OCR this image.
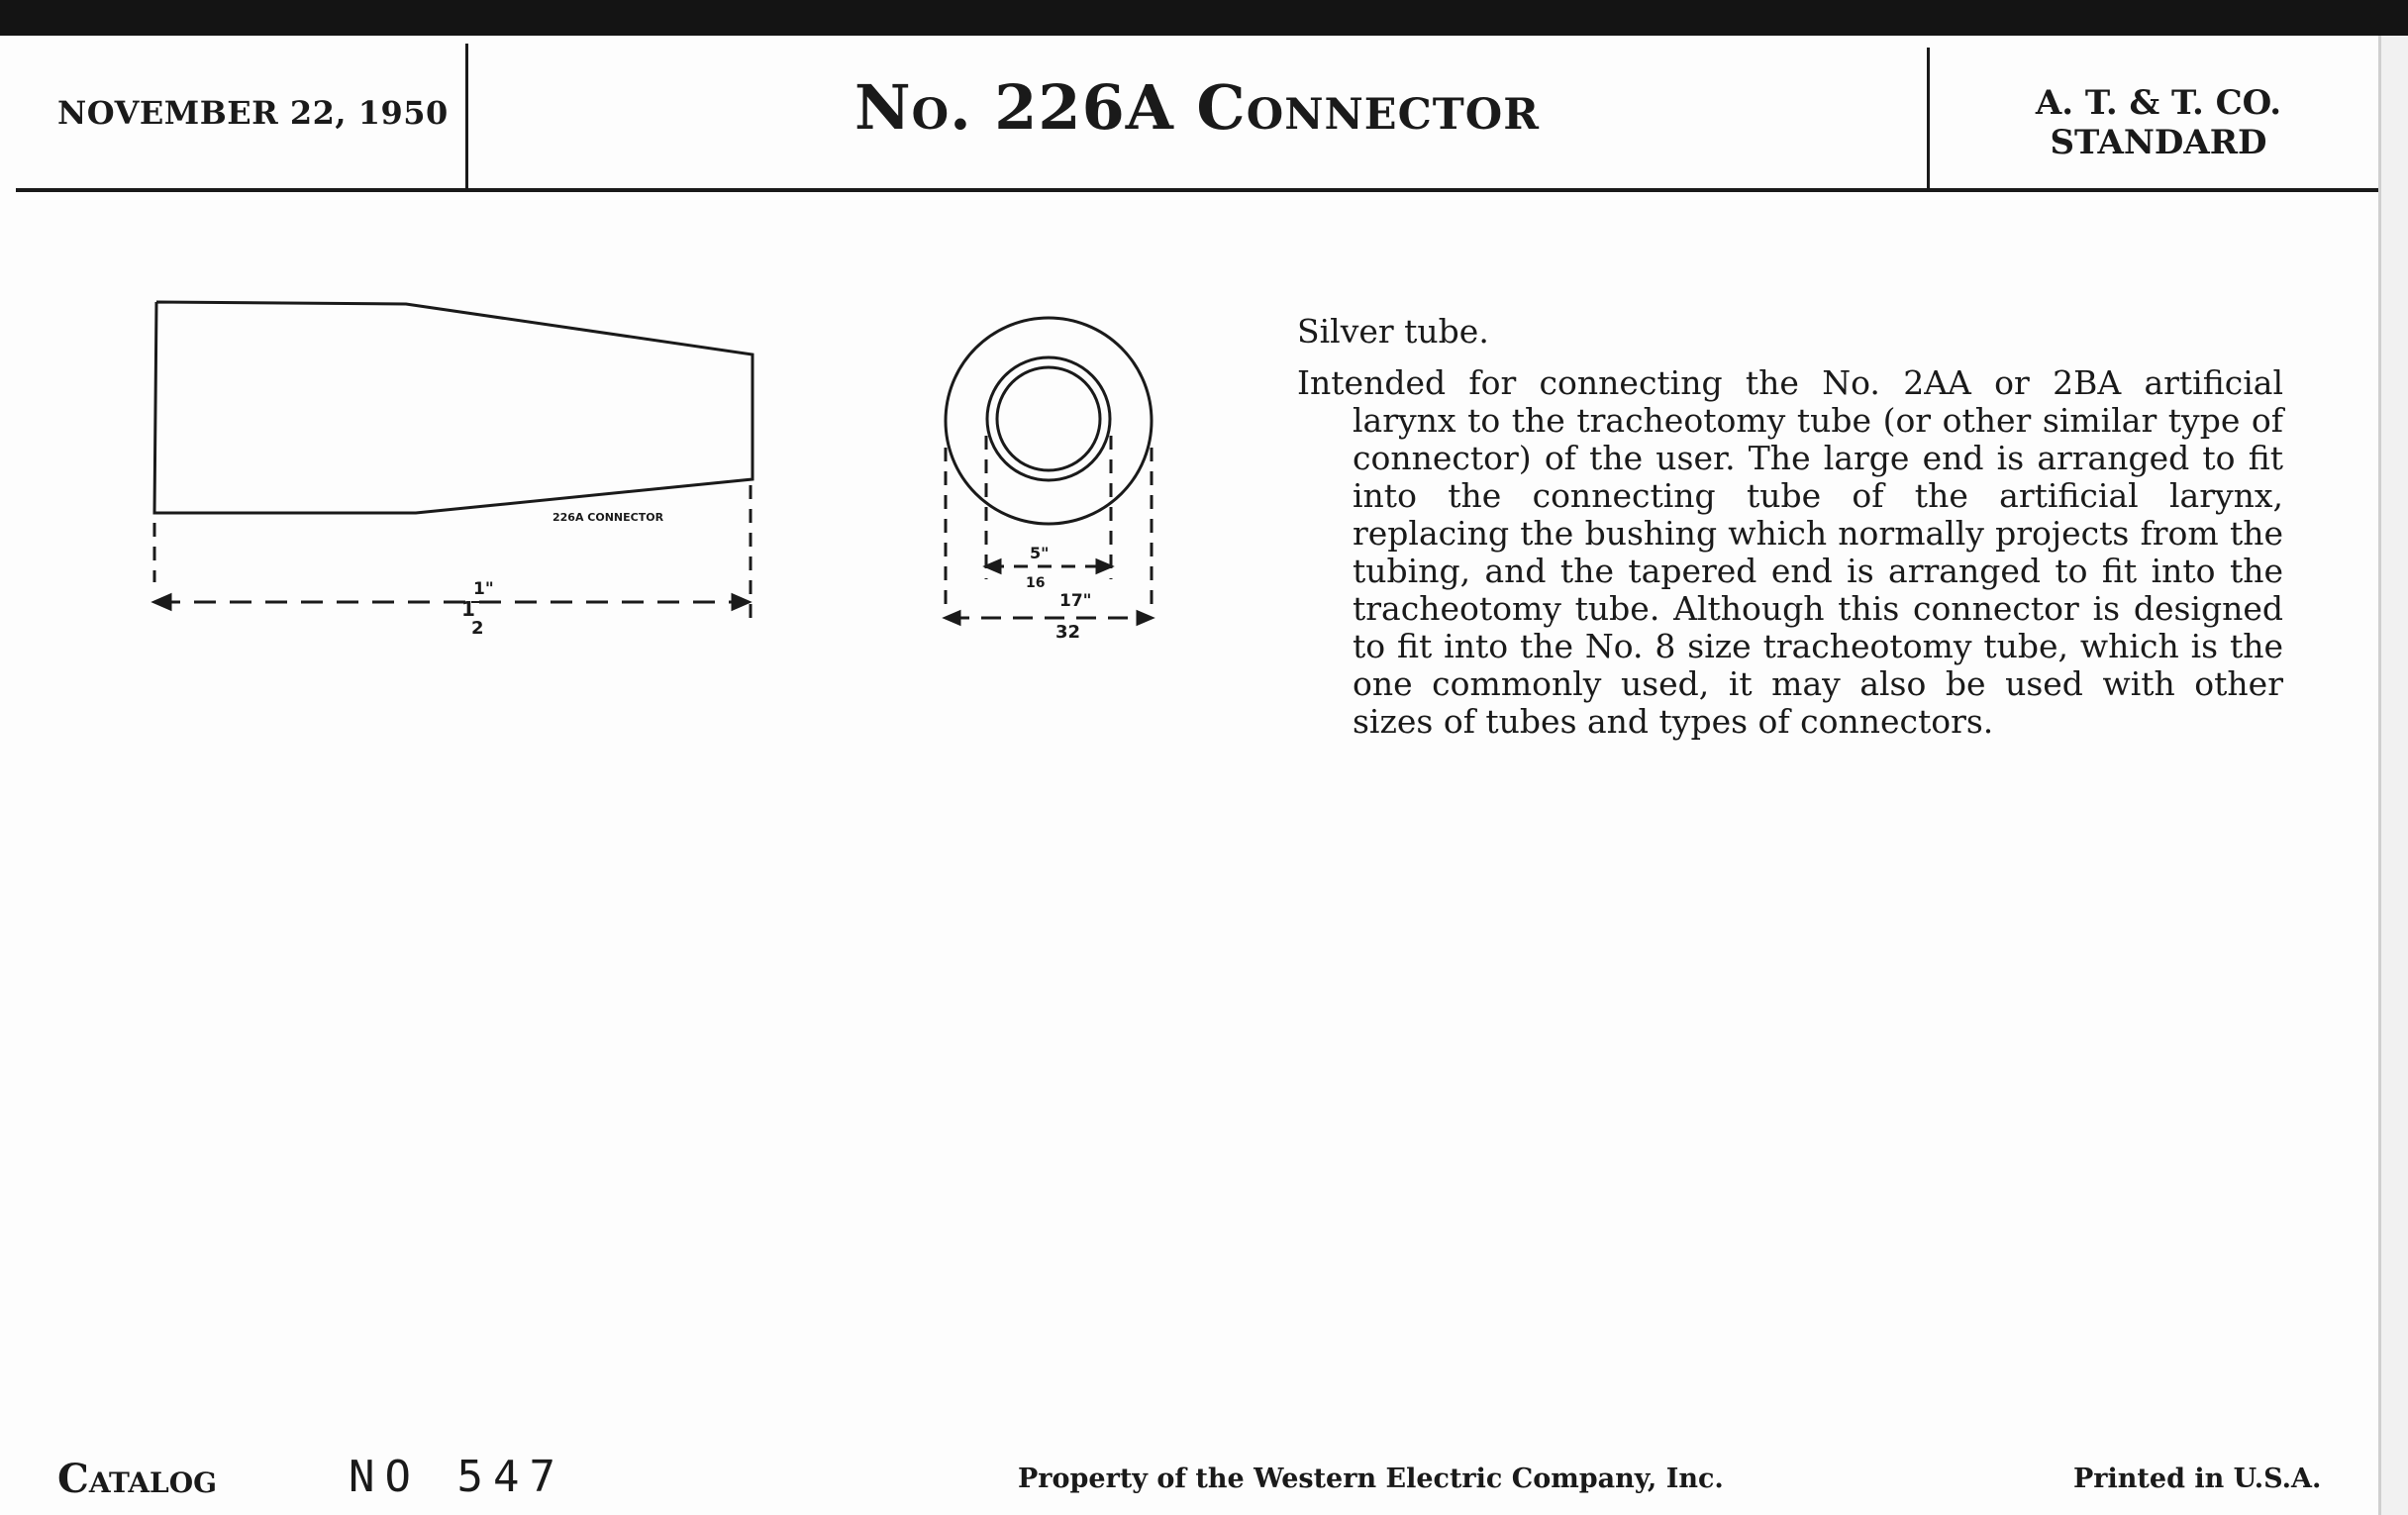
NOVEMBER 22, 1950	No. 226A Connector	A. T. & T. CO.
STANDARD
226A CONNECTOR
1
1"
2
5"
16
17"
32

Silver tube.

Intended for connecting the No. 2AA or 2BA artificial larynx to the tracheotomy tube (or other similar type of connector) of the user. The large end is arranged to fit into the connecting tube of the artificial larynx, replacing the bushing which normally projects from the tubing, and the tapered end is arranged to fit into the tracheotomy tube. Although this connector is designed to fit into the No. 8 size tracheotomy tube, which is the one commonly used, it may also be used with other sizes of tubes and types of connectors.

Catalog	NO 547	Property of the Western Electric Company, Inc.	Printed in U.S.A.
